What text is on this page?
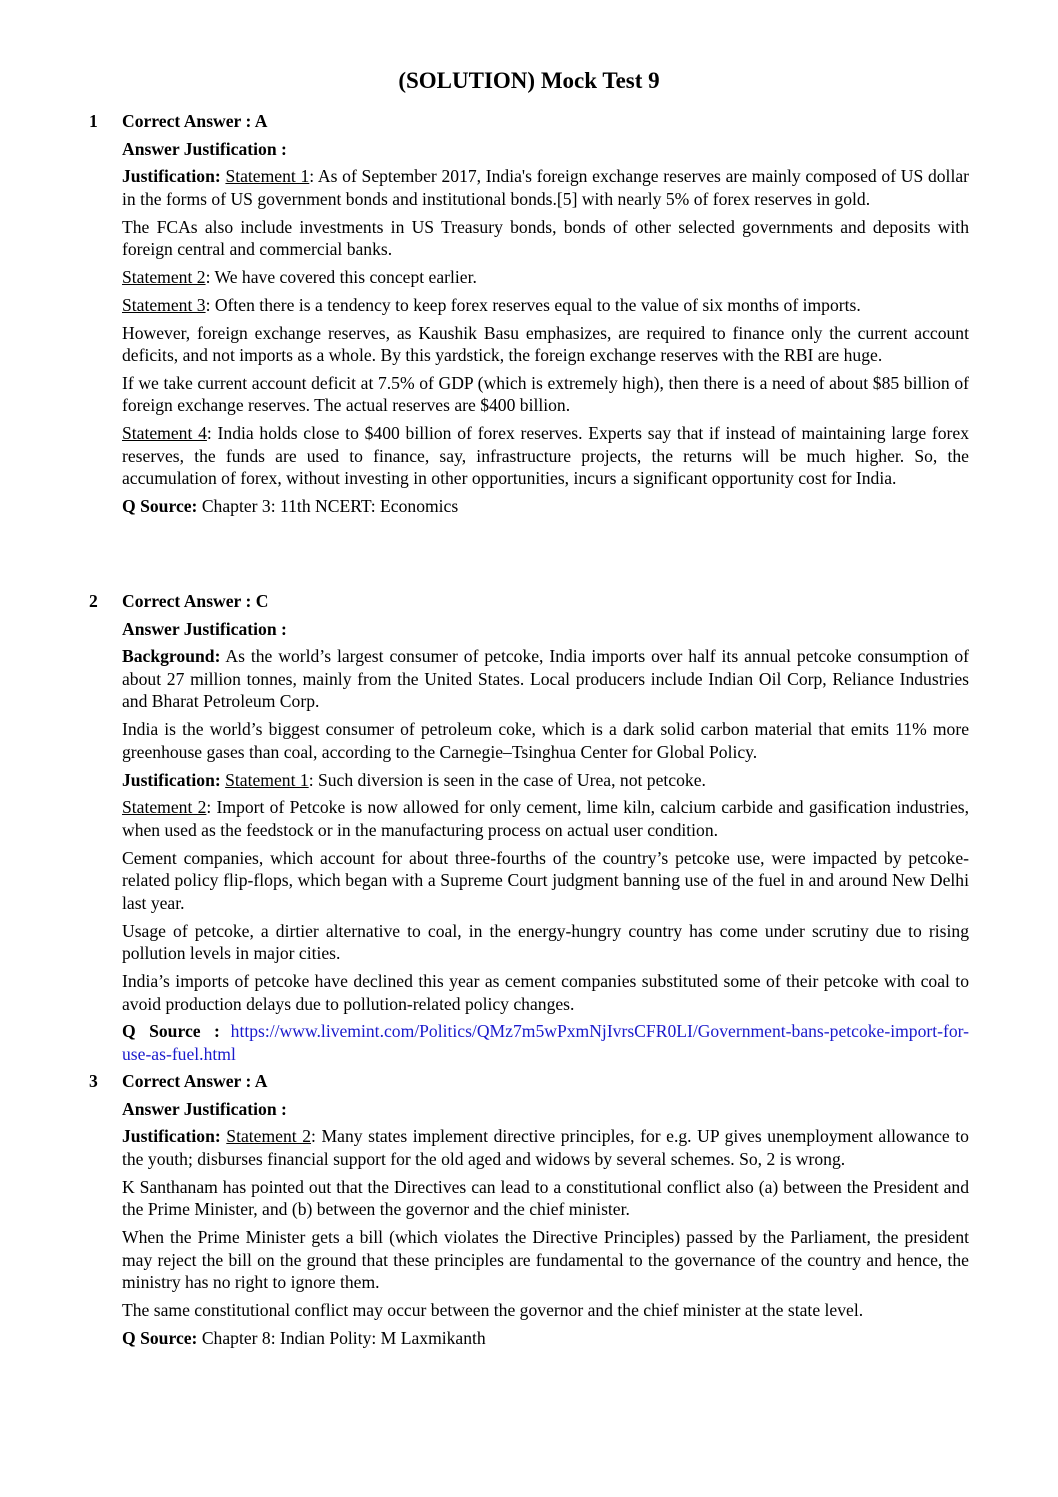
(SOLUTION) Mock Test 9
1	Correct Answer : A

Answer Justification :

Justification: Statement 1: As of September 2017, India's foreign exchange reserves are mainly composed of US dollar in the forms of US government bonds and institutional bonds.[5] with nearly 5% of forex reserves in gold.

The FCAs also include investments in US Treasury bonds, bonds of other selected governments and deposits with foreign central and commercial banks.

Statement 2: We have covered this concept earlier.

Statement 3: Often there is a tendency to keep forex reserves equal to the value of six months of imports.

However, foreign exchange reserves, as Kaushik Basu emphasizes, are required to finance only the current account deficits, and not imports as a whole. By this yardstick, the foreign exchange reserves with the RBI are huge.

If we take current account deficit at 7.5% of GDP (which is extremely high), then there is a need of about $85 billion of foreign exchange reserves. The actual reserves are $400 billion.

Statement 4: India holds close to $400 billion of forex reserves. Experts say that if instead of maintaining large forex reserves, the funds are used to finance, say, infrastructure projects, the returns will be much higher. So, the accumulation of forex, without investing in other opportunities, incurs a significant opportunity cost for India.

Q Source: Chapter 3: 11th NCERT: Economics

2	Correct Answer : C

Answer Justification :

Background: As the world’s largest consumer of petcoke, India imports over half its annual petcoke consumption of about 27 million tonnes, mainly from the United States. Local producers include Indian Oil Corp, Reliance Industries and Bharat Petroleum Corp.

India is the world’s biggest consumer of petroleum coke, which is a dark solid carbon material that emits 11% more greenhouse gases than coal, according to the Carnegie–Tsinghua Center for Global Policy.

Justification: Statement 1: Such diversion is seen in the case of Urea, not petcoke.

Statement 2: Import of Petcoke is now allowed for only cement, lime kiln, calcium carbide and gasification industries, when used as the feedstock or in the manufacturing process on actual user condition.

Cement companies, which account for about three-fourths of the country’s petcoke use, were impacted by petcoke-related policy flip-flops, which began with a Supreme Court judgment banning use of the fuel in and around New Delhi last year.

Usage of petcoke, a dirtier alternative to coal, in the energy-hungry country has come under scrutiny due to rising pollution levels in major cities.

India’s imports of petcoke have declined this year as cement companies substituted some of their petcoke with coal to avoid production delays due to pollution-related policy changes.

Q Source : https://www.livemint.com/Politics/QMz7m5wPxmNjIvrsCFR0LI/Government-bans-petcoke-import-for-use-as-fuel.html

3	Correct Answer : A

Answer Justification :

Justification: Statement 2: Many states implement directive principles, for e.g. UP gives unemployment allowance to the youth; disburses financial support for the old aged and widows by several schemes. So, 2 is wrong.

K Santhanam has pointed out that the Directives can lead to a constitutional conflict also (a) between the President and the Prime Minister, and (b) between the governor and the chief minister.

When the Prime Minister gets a bill (which violates the Directive Principles) passed by the Parliament, the president may reject the bill on the ground that these principles are fundamental to the governance of the country and hence, the ministry has no right to ignore them.

The same constitutional conflict may occur between the governor and the chief minister at the state level.

Q Source: Chapter 8: Indian Polity: M Laxmikanth
